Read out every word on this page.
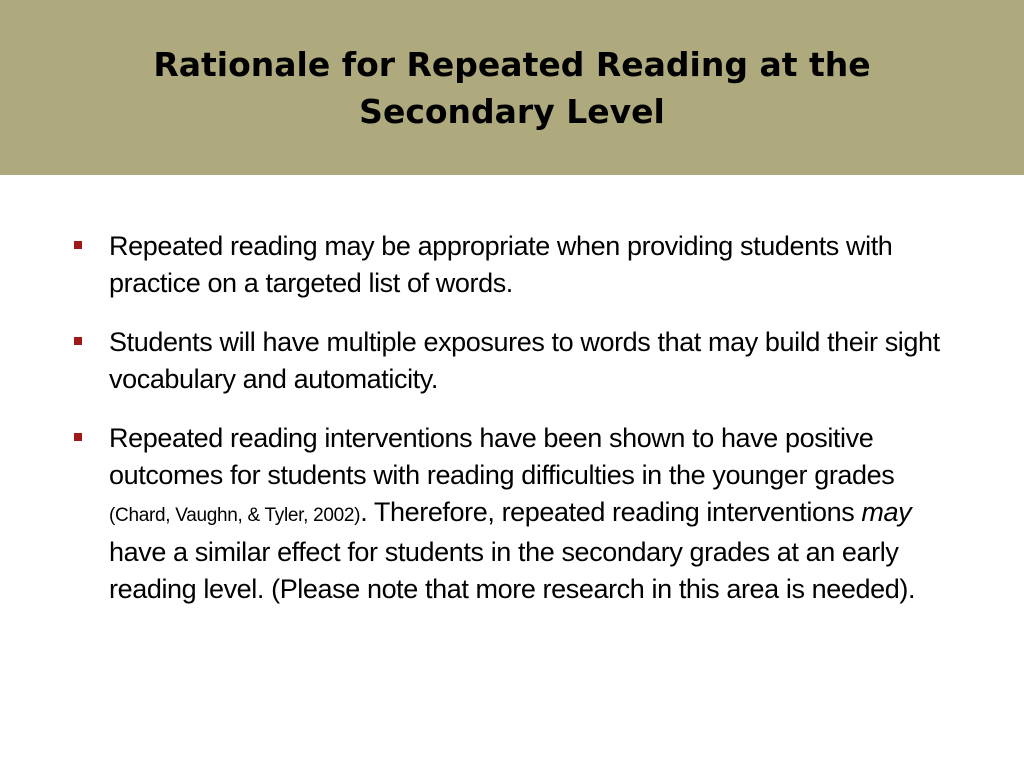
Rationale for Repeated Reading at the Secondary Level
Repeated reading may be appropriate when providing students with practice on a targeted list of words.
Students will have multiple exposures to words that may build their sight vocabulary and automaticity.
Repeated reading interventions have been shown to have positive outcomes for students with reading difficulties in the younger grades (Chard, Vaughn, & Tyler, 2002). Therefore, repeated reading interventions may have a similar effect for students in the secondary grades at an early reading level. (Please note that more research in this area is needed).
